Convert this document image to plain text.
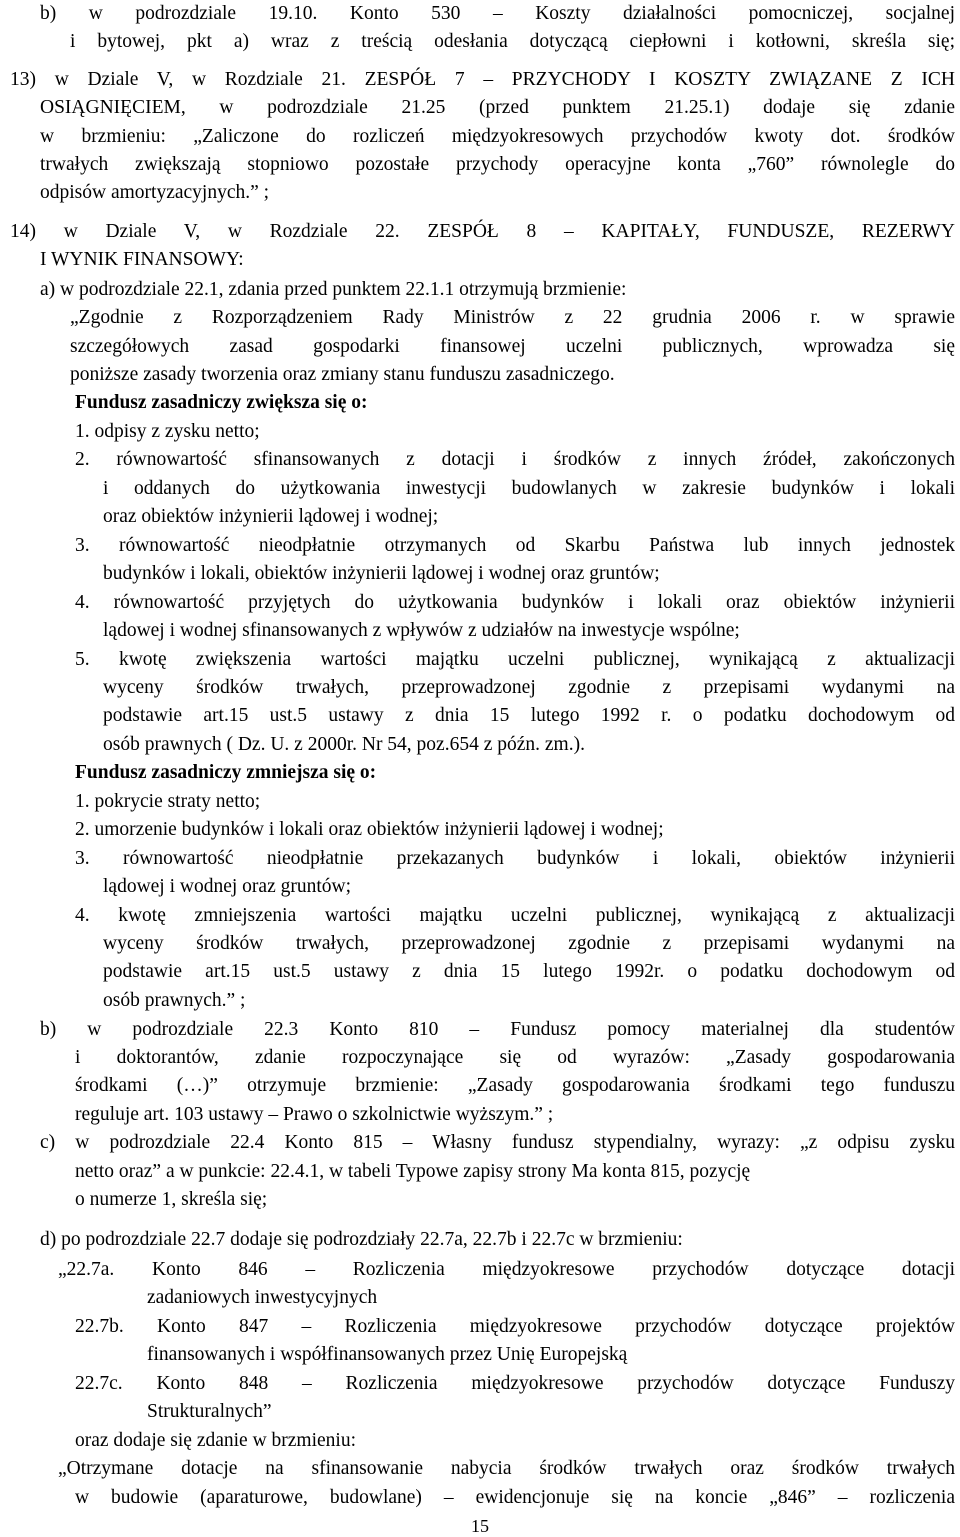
b) w podrozdziale 19.10. Konto 530 – Koszty działalności pomocniczej, socjalnej
i bytowej, pkt a) wraz z treścią odesłania dotyczącą ciepłowni i kotłowni, skreśla się;
13) w Dziale V, w Rozdziale 21. ZESPÓŁ 7 – PRZYCHODY I KOSZTY ZWIĄZANE Z ICH
OSIĄGNIĘCIEM, w podrozdziale 21.25 (przed punktem 21.25.1) dodaje się zdanie
w brzmieniu: „Zaliczone do rozliczeń międzyokresowych przychodów kwoty dot. środków
trwałych zwiększają stopniowo pozostałe przychody operacyjne konta „760” równolegle do
odpisów amortyzacyjnych.” ;
14) w Dziale V, w Rozdziale 22. ZESPÓŁ 8 – KAPITAŁY, FUNDUSZE, REZERWY
I WYNIK FINANSOWY:
a) w podrozdziale 22.1, zdania przed punktem 22.1.1 otrzymują brzmienie:
„Zgodnie z Rozporządzeniem Rady Ministrów z 22 grudnia 2006 r. w sprawie
szczegółowych zasad gospodarki finansowej uczelni publicznych, wprowadza się
poniższe zasady tworzenia oraz zmiany stanu funduszu zasadniczego.
Fundusz zasadniczy zwiększa się o:
1. odpisy z zysku netto;
2. równowartość sfinansowanych z dotacji i środków z innych źródeł, zakończonych
i oddanych do użytkowania inwestycji budowlanych w zakresie budynków i lokali
oraz obiektów inżynierii lądowej i wodnej;
3. równowartość nieodpłatnie otrzymanych od Skarbu Państwa lub innych jednostek
budynków i lokali, obiektów inżynierii lądowej i wodnej oraz gruntów;
4. równowartość przyjętych do użytkowania budynków i lokali oraz obiektów inżynierii
lądowej i wodnej sfinansowanych z wpływów z udziałów na inwestycje wspólne;
5. kwotę zwiększenia wartości majątku uczelni publicznej, wynikającą z aktualizacji
wyceny środków trwałych, przeprowadzonej zgodnie z przepisami wydanymi na
podstawie art.15 ust.5 ustawy z dnia 15 lutego 1992 r. o podatku dochodowym od
osób prawnych ( Dz. U. z 2000r. Nr 54, poz.654 z późn. zm.).
Fundusz zasadniczy zmniejsza się o:
1. pokrycie straty netto;
2. umorzenie budynków i lokali oraz obiektów inżynierii lądowej i wodnej;
3. równowartość nieodpłatnie przekazanych budynków i lokali, obiektów inżynierii
lądowej i wodnej oraz gruntów;
4. kwotę zmniejszenia wartości majątku uczelni publicznej, wynikającą z aktualizacji
wyceny środków trwałych, przeprowadzonej zgodnie z przepisami wydanymi na
podstawie art.15 ust.5 ustawy z dnia 15 lutego 1992r. o podatku dochodowym od
osób prawnych.” ;
b) w podrozdziale 22.3 Konto 810 – Fundusz pomocy materialnej dla studentów
i doktorantów, zdanie rozpoczynające się od wyrazów: „Zasady gospodarowania
środkami (…)” otrzymuje brzmienie: „Zasady gospodarowania środkami tego funduszu
reguluje art. 103 ustawy – Prawo o szkolnictwie wyższym.” ;
c) w podrozdziale 22.4 Konto 815 – Własny fundusz stypendialny, wyrazy: „z odpisu zysku
netto oraz” a w punkcie: 22.4.1, w tabeli Typowe zapisy strony Ma konta 815, pozycję
o numerze 1, skreśla się;
d) po podrozdziale 22.7 dodaje się podrozdziały 22.7a, 22.7b i 22.7c w brzmieniu:
„22.7a. Konto 846 – Rozliczenia międzyokresowe przychodów dotyczące dotacji
zadaniowych inwestycyjnych
22.7b. Konto 847 – Rozliczenia międzyokresowe przychodów dotyczące projektów
finansowanych i współfinansowanych przez Unię Europejską
22.7c. Konto 848 – Rozliczenia międzyokresowe przychodów dotyczące Funduszy
Strukturalnych”
oraz dodaje się zdanie w brzmieniu:
„Otrzymane dotacje na sfinansowanie nabycia środków trwałych oraz środków trwałych
w budowie (aparaturowe, budowlane) – ewidencjonuje się na koncie „846” – rozliczenia
15
